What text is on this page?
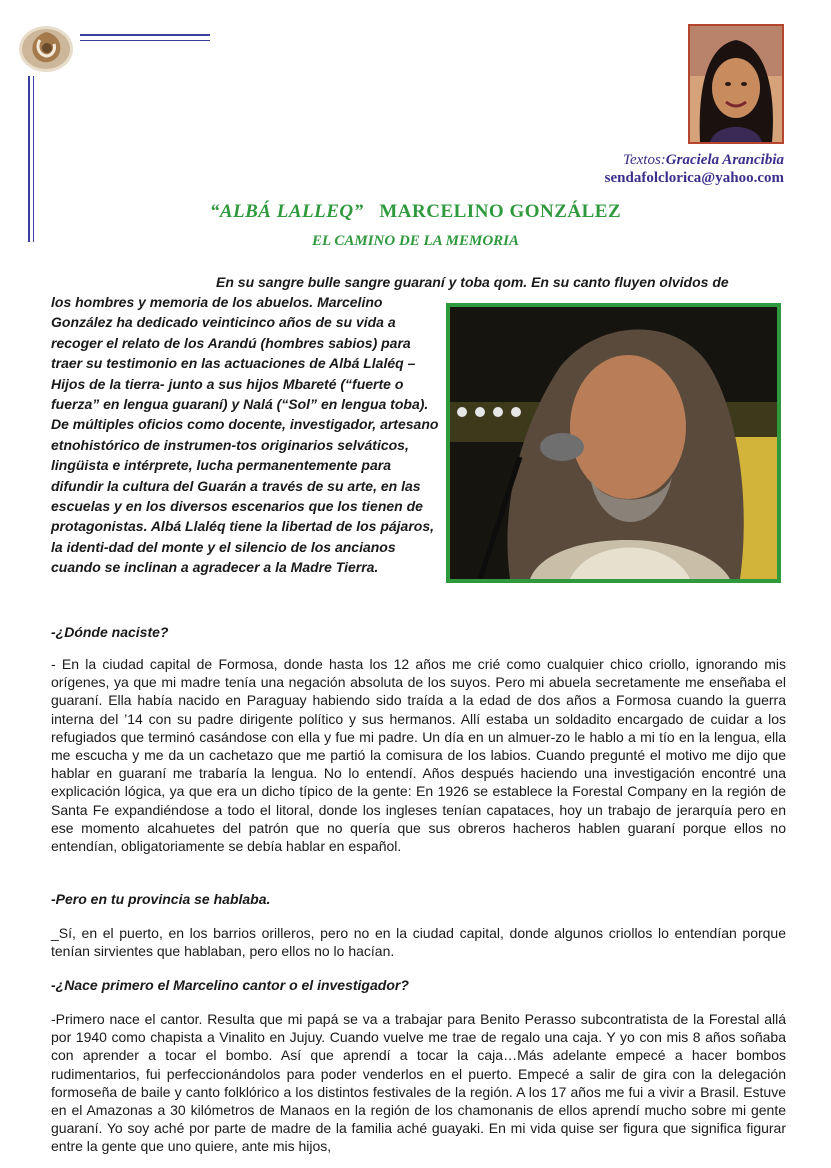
Textos:Graciela Arancibia
sendafolclorica@yahoo.com
“ALBÁ LALLEQ” MARCELINO GONZÁLEZ
EL CAMINO DE LA MEMORIA
En su sangre bulle sangre guaraní y toba qom. En su canto fluyen olvidos de
los hombres y memoria de los abuelos. Marcelino González ha dedicado veinticinco años de su vida a recoger el relato de los Arandú (hombres sabios) para traer su testimonio en las actuaciones de Albá Llaléq –Hijos de la tierra- junto a sus hijos Mbareté (“fuerte o fuerza” en lengua guaraní) y Nalá (“Sol” en lengua toba). De múltiples oficios como docente, investigador, artesano etnohistórico de instrumen-tos originarios selváticos, lingüista e intérprete, lucha permanentemente para difundir la cultura del Guarán a través de su arte, en las escuelas y en los diversos escenarios que los tienen de protagonistas. Albá Llaléq tiene la libertad de los pájaros, la identi-dad del monte y el silencio de los ancianos cuando se inclinan a agradecer a la Madre Tierra.
-¿Dónde naciste?
- En la ciudad capital de Formosa, donde hasta los 12 años me crié como cualquier chico criollo, ignorando mis orígenes, ya que mi madre tenía una negación absoluta de los suyos. Pero mi abuela secretamente me enseñaba el guaraní. Ella había nacido en Paraguay habiendo sido traída a la edad de dos años a Formosa cuando la guerra interna del ’14 con su padre dirigente político y sus hermanos. Allí estaba un soldadito encargado de cuidar a los refugiados que terminó casándose con ella y fue mi padre. Un día en un almuer-zo le hablo a mi tío en la lengua, ella me escucha y me da un cachetazo que me partió la comisura de los labios. Cuando pregunté el motivo me dijo que hablar en guaraní me trabaría la lengua. No lo entendí. Años después haciendo una investigación encontré una explicación lógica, ya que era un dicho típico de la gente: En 1926 se establece la Forestal Company en la región de Santa Fe expandiéndose a todo el litoral, donde los ingleses tenían capataces, hoy un trabajo de jerarquía pero en ese momento alcahuetes del patrón que no quería que sus obreros hacheros hablen guaraní porque ellos no entendían, obligatoriamente se debía hablar en español.
-Pero en tu provincia se hablaba.
_Sí, en el puerto, en los barrios orilleros, pero no en la ciudad capital, donde algunos criollos lo entendían porque tenían sirvientes que hablaban, pero ellos no lo hacían.
-¿Nace primero el Marcelino cantor o el investigador?
-Primero nace el cantor. Resulta que mi papá se va a trabajar para Benito Perasso subcontratista de la Forestal allá por 1940 como chapista a Vinalito en Jujuy. Cuando vuelve me trae de regalo una caja. Y yo con mis 8 años soñaba con aprender a tocar el bombo. Así que aprendí a tocar la caja…Más adelante empecé a hacer bombos rudimentarios, fui perfeccionándolos para poder venderlos en el puerto. Empecé a salir de gira con la delegación formoseña de baile y canto folklórico a los distintos festivales de la región. A los 17 años me fui a vivir a Brasil. Estuve en el Amazonas a 30 kilómetros de Manaos en la región de los chamonanis de ellos aprendí mucho sobre mi gente guaraní. Yo soy aché por parte de madre de la familia aché guayaki. En mi vida quise ser figura que significa figurar entre la gente que uno quiere, ante mis hijos,
